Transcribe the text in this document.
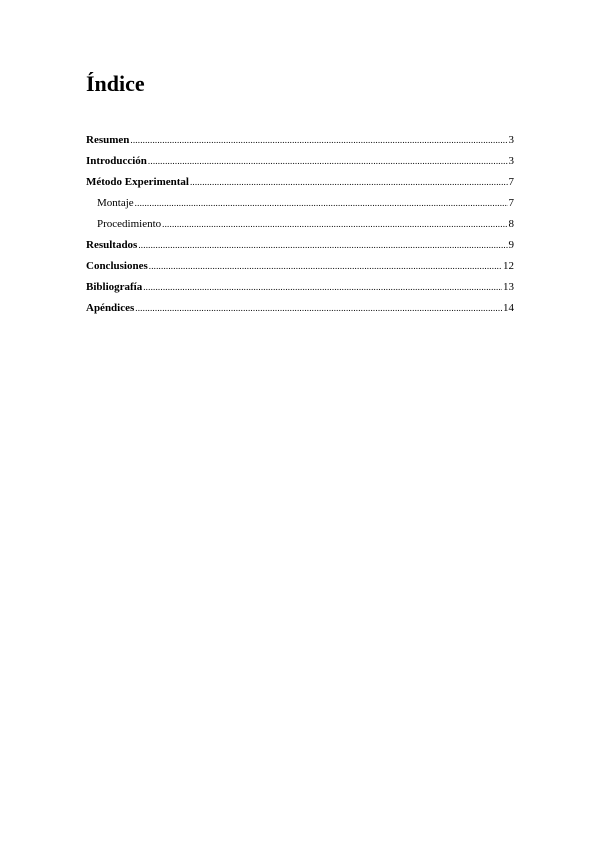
Índice
Resumen .....	3
Introducción .....	3
Método Experimental .....	7
Montaje .....	7
Procedimiento .....	8
Resultados .....	9
Conclusiones .....	12
Bibliografía .....	13
Apéndices .....	14
